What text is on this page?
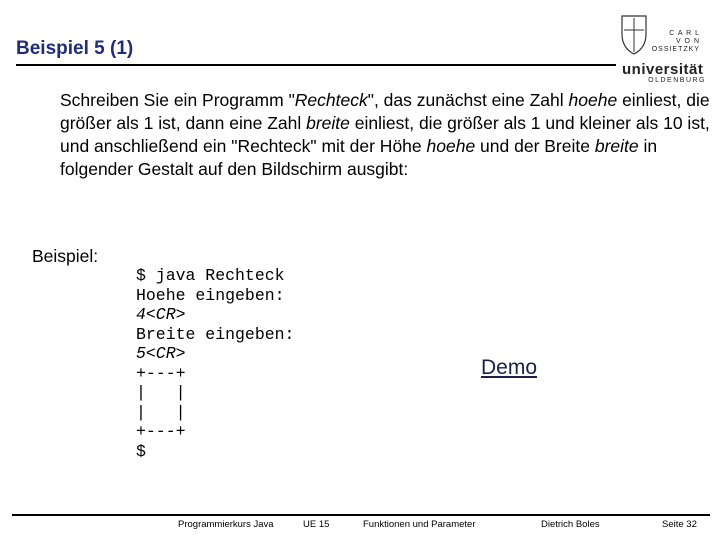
Beispiel 5 (1)
C A R L
V O N
OSSIETZKY
universität
OLDENBURG
Schreiben Sie ein Programm "Rechteck", das zunächst eine Zahl hoehe einliest, die größer als 1 ist, dann eine Zahl breite einliest, die größer als 1 und kleiner als 10 ist, und anschließend ein "Rechteck" mit der Höhe hoehe und der Breite breite in folgender Gestalt auf den Bildschirm ausgibt:
Beispiel:
$ java Rechteck
Hoehe eingeben:
4<CR>
Breite eingeben:
5<CR>
+---+
|   |
|   |
+---+
$
Demo
Programmierkurs Java	UE 15	Funktionen und Parameter	Dietrich Boles	Seite 32
